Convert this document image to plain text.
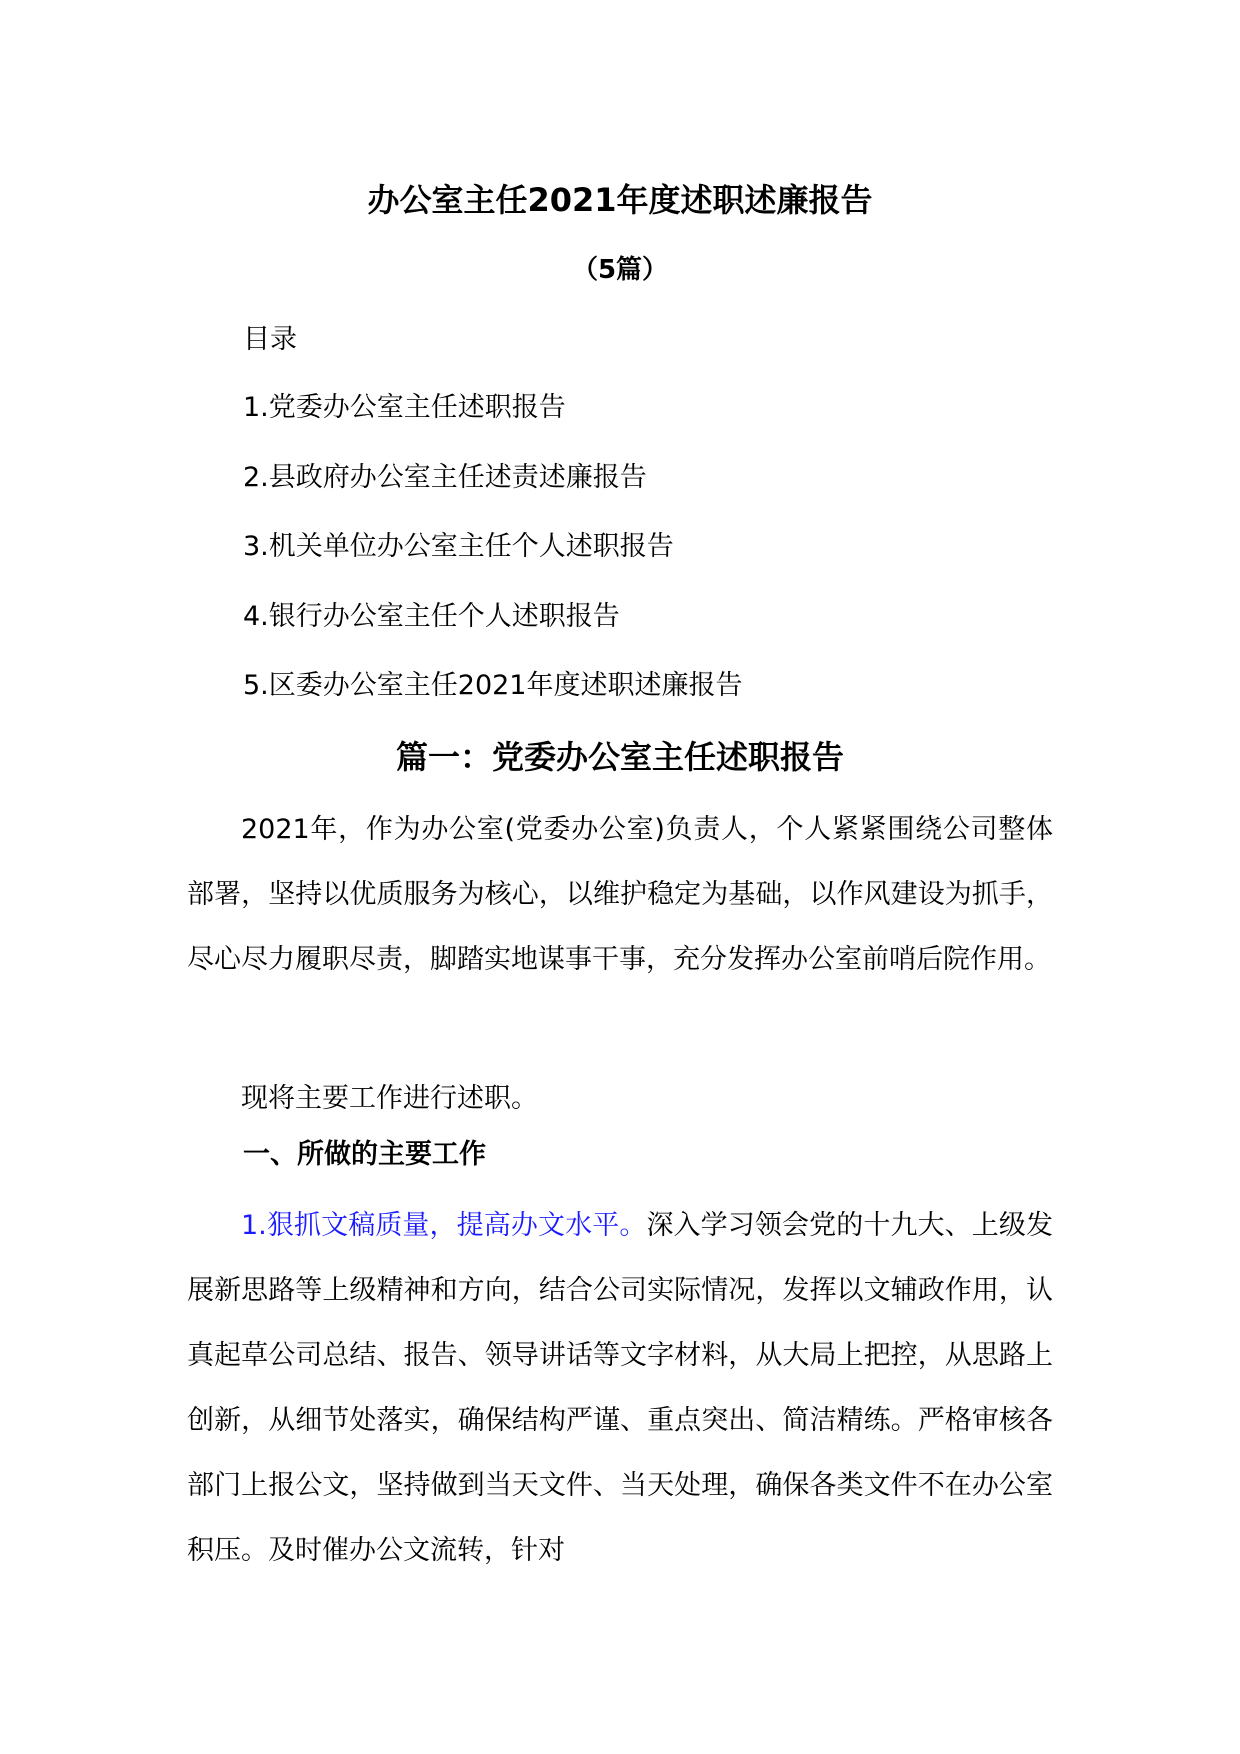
办公室主任2021年度述职述廉报告
（5篇）
目录
1.党委办公室主任述职报告
2.县政府办公室主任述责述廉报告
3.机关单位办公室主任个人述职报告
4.银行办公室主任个人述职报告
5.区委办公室主任2021年度述职述廉报告
篇一：党委办公室主任述职报告

2021年，作为办公室(党委办公室)负责人，个人紧紧围绕公司整体部署，坚持以优质服务为核心，以维护稳定为基础，以作风建设为抓手，尽心尽力履职尽责，脚踏实地谋事干事，充分发挥办公室前哨后院作用。

现将主要工作进行述职。

一、所做的主要工作

1.狠抓文稿质量，提高办文水平。深入学习领会党的十九大、上级发展新思路等上级精神和方向，结合公司实际情况，发挥以文辅政作用，认真起草公司总结、报告、领导讲话等文字材料，从大局上把控，从思路上创新，从细节处落实，确保结构严谨、重点突出、简洁精练。严格审核各部门上报公文，坚持做到当天文件、当天处理，确保各类文件不在办公室积压。及时催办公文流转，针对
